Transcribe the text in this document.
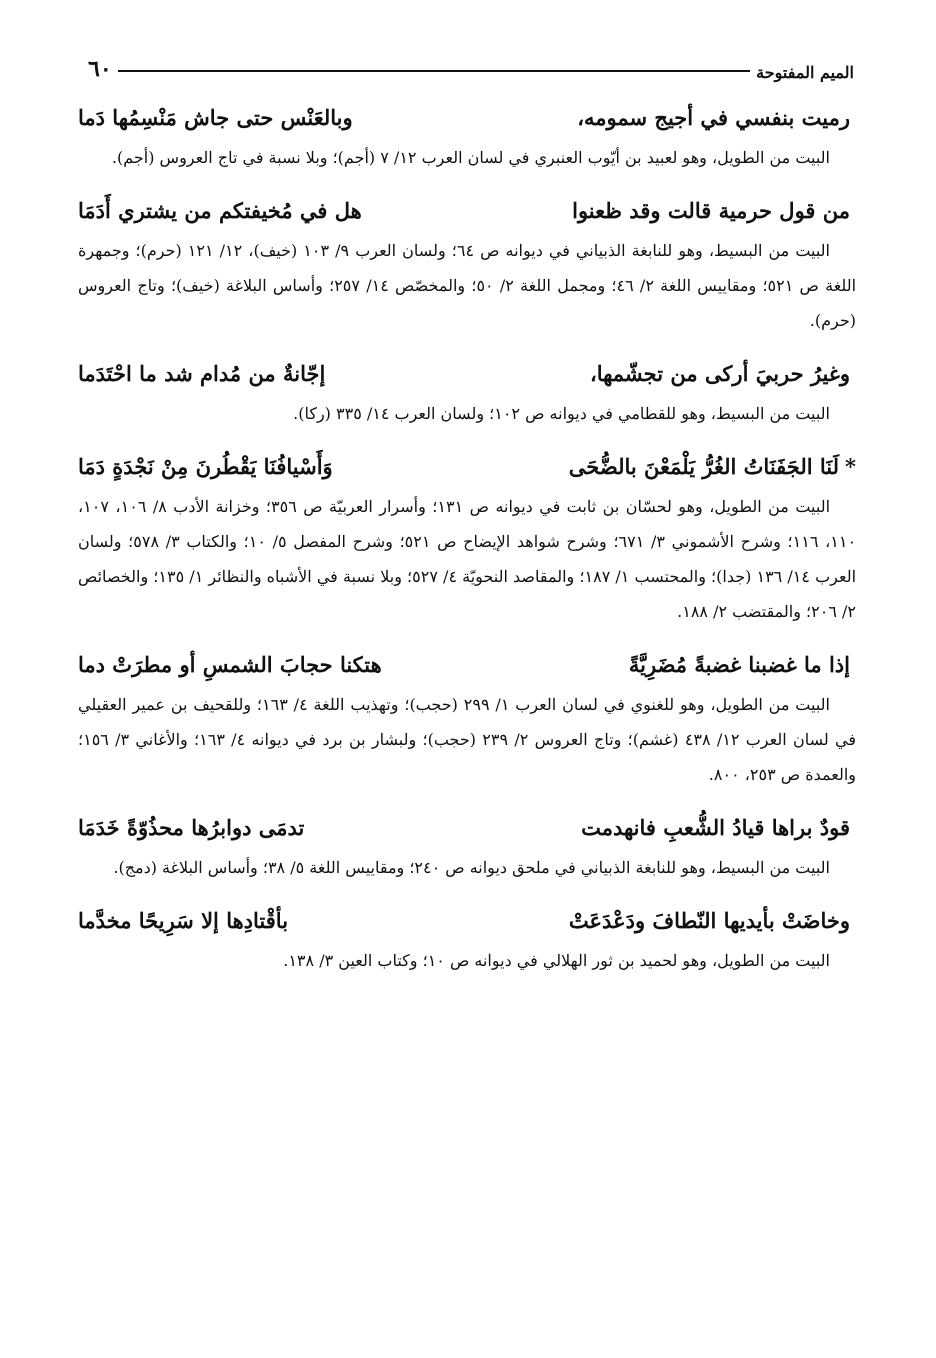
الميم المفتوحة
٦٠
رميت بنفسي في أجيج سمومه،
وبالعَنْس حتى جاش مَنْسِمُها دَما

البيت من الطويل، وهو لعبيد بن أيّوب العنبري في لسان العرب ١٢/ ٧ (أجم)؛ وبلا نسبة في تاج العروس (أجم).

من قول حرمية قالت وقد ظعنوا
هل في مُخيفتكم من يشتري أَدَمَا

البيت من البسيط، وهو للنابغة الذبياني في ديوانه ص ٦٤؛ ولسان العرب ٩/ ١٠٣ (خيف)، ١٢/ ١٢١ (حرم)؛ وجمهرة اللغة ص ٥٢١؛ ومقاييس اللغة ٢/ ٤٦؛ ومجمل اللغة ٢/ ٥٠؛ والمخصّص ١٤/ ٢٥٧؛ وأساس البلاغة (خيف)؛ وتاج العروس (حرم).

وغيرُ حربيَ أركى من تجشّمها،
إجّانةٌ من مُدام شد ما احْتَدَما

البيت من البسيط، وهو للقطامي في ديوانه ص ١٠٢؛ ولسان العرب ١٤/ ٣٣٥ (ركا).

*لَنَا الجَفَنَاتُ الغُرُّ يَلْمَعْنَ بالضُّحَى
وَأَسْيافُنَا يَقْطُرنَ مِنْ نَجْدَةٍ دَمَا

البيت من الطويل، وهو لحسّان بن ثابت في ديوانه ص ١٣١؛ وأسرار العربيّة ص ٣٥٦؛ وخزانة الأدب ٨/ ١٠٦، ١٠٧، ١١٠، ١١٦؛ وشرح الأشموني ٣/ ٦٧١؛ وشرح شواهد الإيضاح ص ٥٢١؛ وشرح المفصل ٥/ ١٠؛ والكتاب ٣/ ٥٧٨؛ ولسان العرب ١٤/ ١٣٦ (جدا)؛ والمحتسب ١/ ١٨٧؛ والمقاصد النحويّة ٤/ ٥٢٧؛ وبلا نسبة في الأشباه والنظائر ١/ ١٣٥؛ والخصائص ٢/ ٢٠٦؛ والمقتضب ٢/ ١٨٨.

إذا ما غضبنا غضبةً مُضَرِيَّةً
هتكنا حجابَ الشمسِ أو مطرَتْ دما

البيت من الطويل، وهو للغنوي في لسان العرب ١/ ٢٩٩ (حجب)؛ وتهذيب اللغة ٤/ ١٦٣؛ وللقحيف بن عمير العقيلي في لسان العرب ١٢/ ٤٣٨ (غشم)؛ وتاج العروس ٢/ ٢٣٩ (حجب)؛ ولبشار بن برد في ديوانه ٤/ ١٦٣؛ والأغاني ٣/ ١٥٦؛ والعمدة ص ٢٥٣، ٨٠٠.

قودٌ براها قيادُ الشُّعبِ فانهدمت
تدمَى دوابرُها محذُوّةً خَدَمَا

البيت من البسيط، وهو للنابغة الذبياني في ملحق ديوانه ص ٢٤٠؛ ومقاييس اللغة ٥/ ٣٨؛ وأساس البلاغة (دمج).

وخاضَتْ بأيديها النّطافَ ودَعْدَعَتْ
بأقْتادِها إلا سَرِيحًا مخدَّما

البيت من الطويل، وهو لحميد بن ثور الهلالي في ديوانه ص ١٠؛ وكتاب العين ٣/ ١٣٨.
